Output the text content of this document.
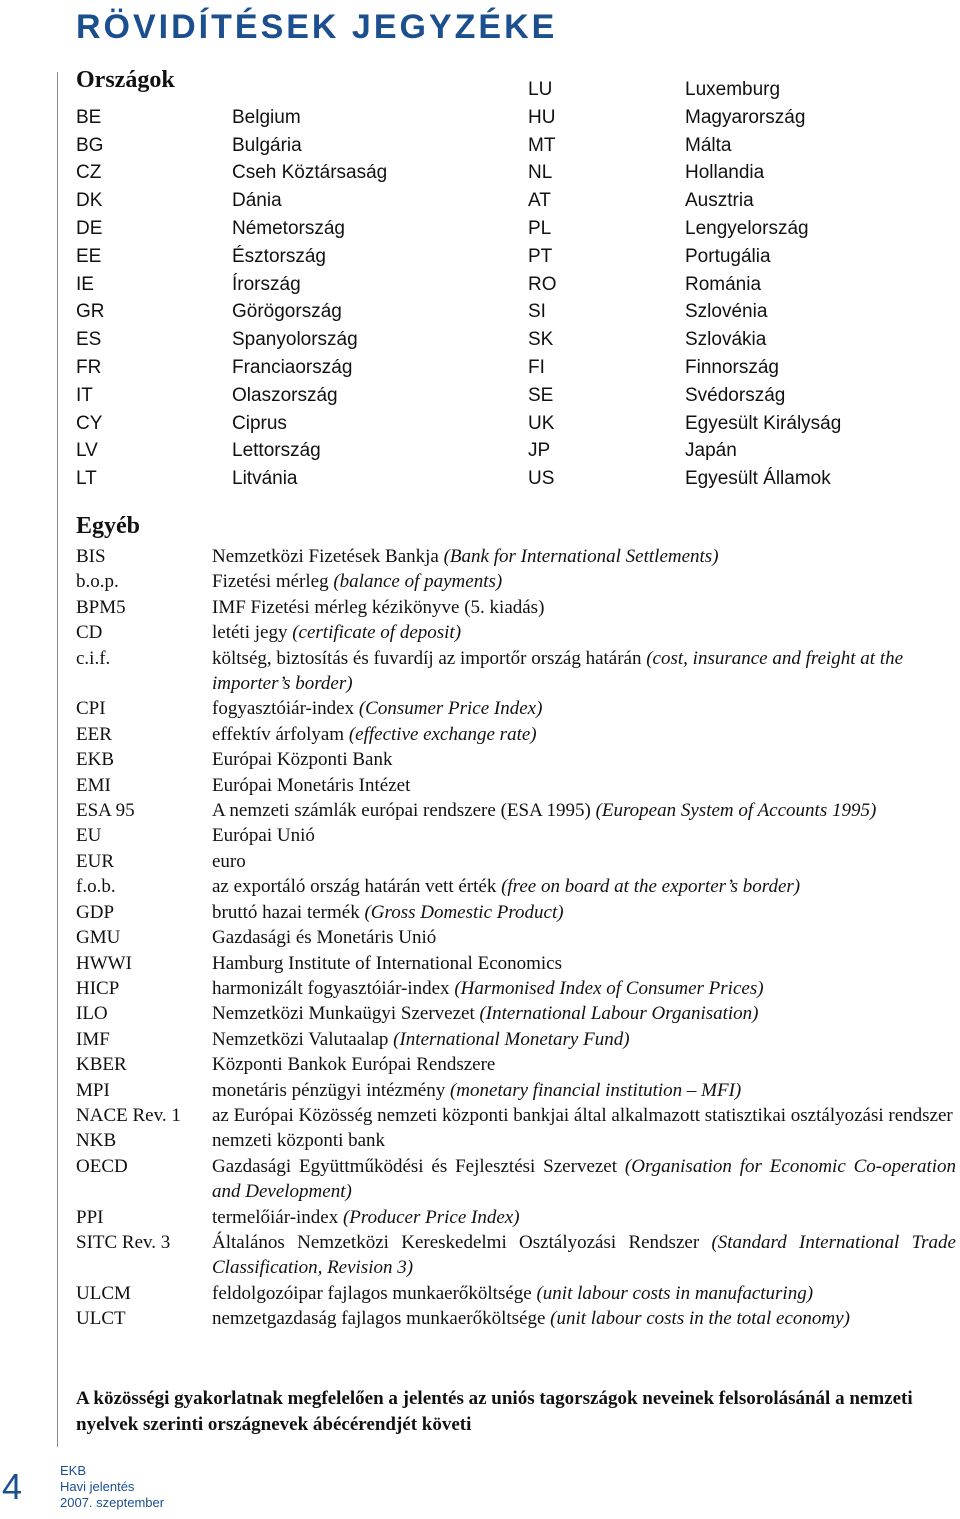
RÖVIDÍTÉSEK JEGYZÉKE
Országok
BE	Belgium
BG	Bulgária
CZ	Cseh Köztársaság
DK	Dánia
DE	Németország
EE	Észtország
IE	Írország
GR	Görögország
ES	Spanyolország
FR	Franciaország
IT	Olaszország
CY	Ciprus
LV	Lettország
LT	Litvánia
LU	Luxemburg
HU	Magyarország
MT	Málta
NL	Hollandia
AT	Ausztria
PL	Lengyelország
PT	Portugália
RO	Románia
SI	Szlovénia
SK	Szlovákia
FI	Finnország
SE	Svédország
UK	Egyesült Királyság
JP	Japán
US	Egyesült Államok
Egyéb
BIS	Nemzetközi Fizetések Bankja (Bank for International Settlements)
b.o.p.	Fizetési mérleg (balance of payments)
BPM5	IMF Fizetési mérleg kézikönyve (5. kiadás)
CD	letéti jegy (certificate of deposit)
c.i.f.	költség, biztosítás és fuvardíj az importőr ország határán (cost, insurance and freight at the importer’s border)
CPI	fogyasztóiár-index (Consumer Price Index)
EER	effektív árfolyam (effective exchange rate)
EKB	Európai Központi Bank
EMI	Európai Monetáris Intézet
ESA 95	A nemzeti számlák európai rendszere (ESA 1995) (European System of Accounts 1995)
EU	Európai Unió
EUR	euro
f.o.b.	az exportáló ország határán vett érték (free on board at the exporter’s border)
GDP	bruttó hazai termék (Gross Domestic Product)
GMU	Gazdasági és Monetáris Unió
HWWI	Hamburg Institute of International Economics
HICP	harmonizált fogyasztóiár-index (Harmonised Index of Consumer Prices)
ILO	Nemzetközi Munkaügyi Szervezet (International Labour Organisation)
IMF	Nemzetközi Valutaalap (International Monetary Fund)
KBER	Központi Bankok Európai Rendszere
MPI	monetáris pénzügyi intézmény (monetary financial institution – MFI)
NACE Rev. 1	az Európai Közösség nemzeti központi bankjai által alkalmazott statisztikai osztályozási rendszer
NKB	nemzeti központi bank
OECD	Gazdasági Együttműködési és Fejlesztési Szervezet (Organisation for Economic Co-operation and Development)
PPI	termelőiár-index (Producer Price Index)
SITC Rev. 3	Általános Nemzetközi Kereskedelmi Osztályozási Rendszer (Standard International Trade Classification, Revision 3)
ULCM	feldolgozóipar fajlagos munkaerőköltsége (unit labour costs in manufacturing)
ULCT	nemzetgazdaság fajlagos munkaerőköltsége (unit labour costs in the total economy)
A közösségi gyakorlatnak megfelelően a jelentés az uniós tagországok neveinek felsorolásánál a nemzeti nyelvek szerinti országnevek ábécérendjét követi
4	EKB
Havi jelentés
2007. szeptember
